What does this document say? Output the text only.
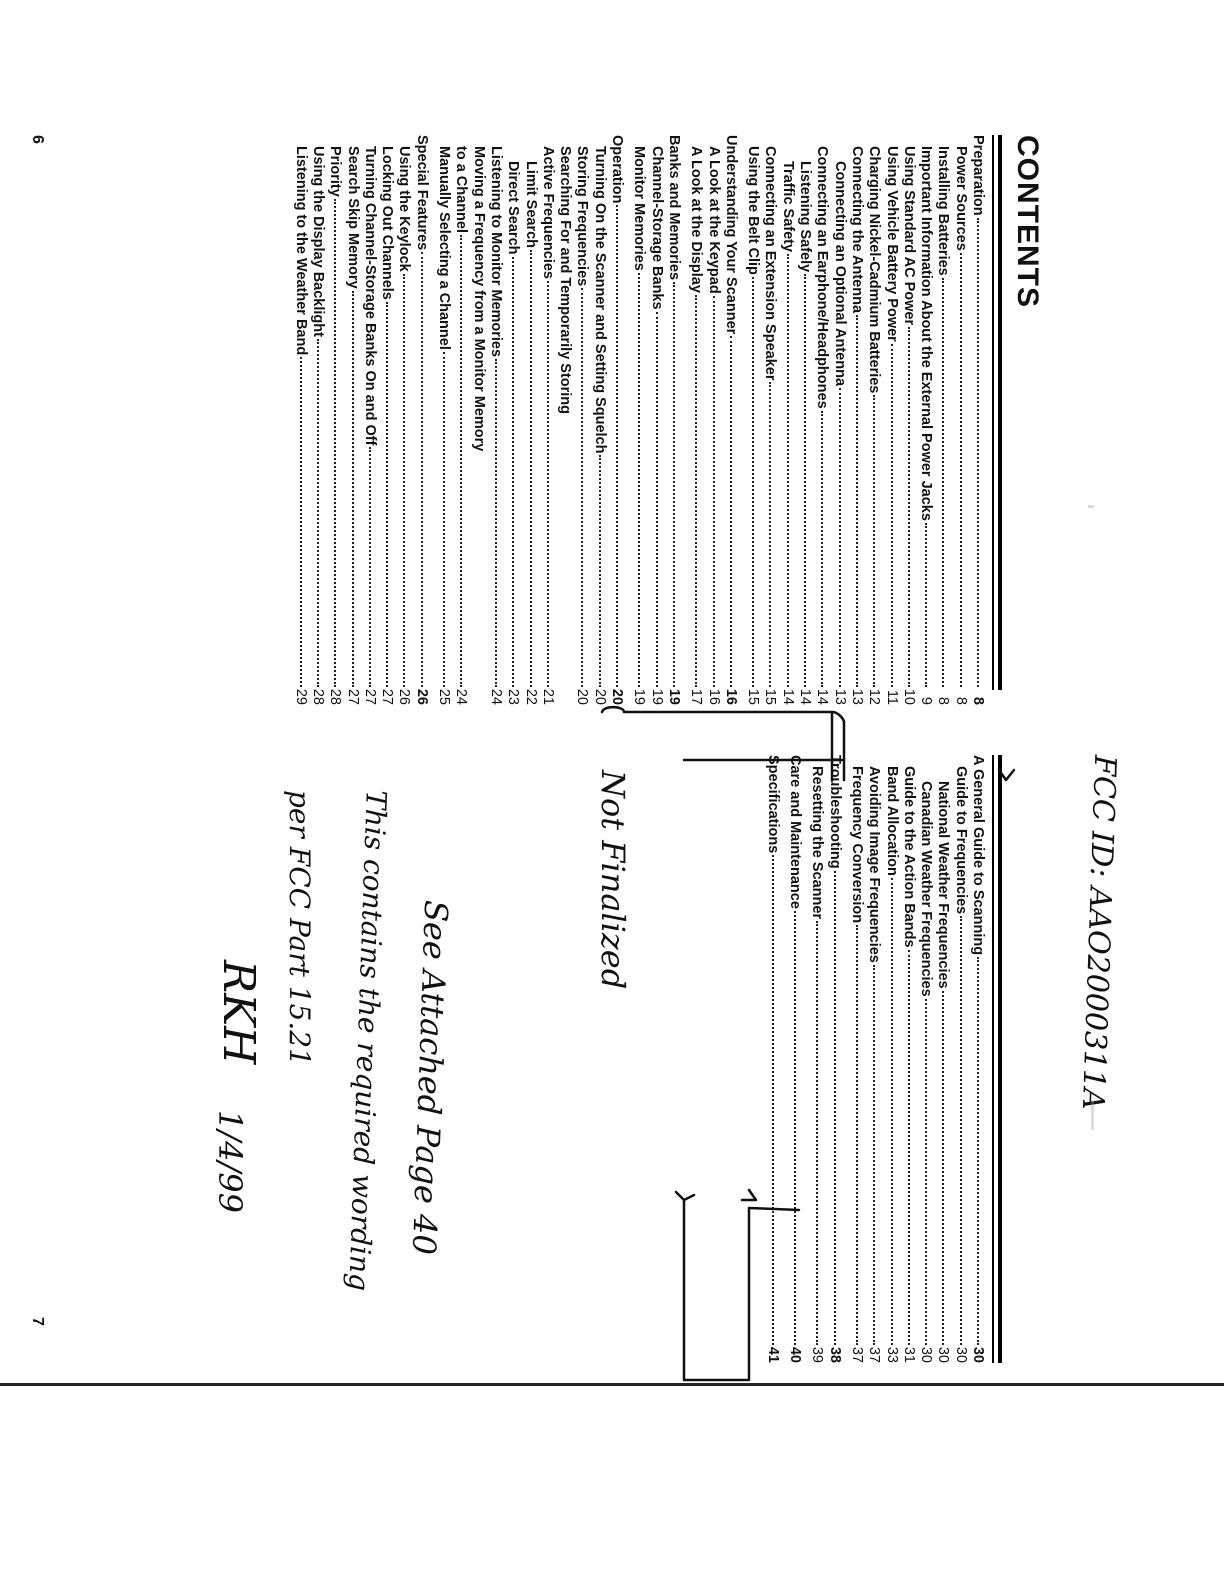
Preparation
8
Power Sources
8
Installing Batteries
8
Important Information About the External Power Jacks
9
Using Standard AC Power
10
Using Vehicle Battery Power
11
Charging Nickel-Cadmium Batteries
12
Connecting the Antenna
13
Connecting an Optional Antenna
13
Connecting an Earphone/Headphones
14
Listening Safely
14
Traffic Safety
14
Connecting an Extension Speaker
15
Using the Belt Clip
15
Understanding Your Scanner
16
A Look at the Keypad
16
A Look at the Display
17
Banks and Memories
19
Channel-Storage Banks
19
Monitor Memories
19
Operation
20
Turning On the Scanner and Setting Squelch
20
Storing Frequencies
20
Searching For and Temporarily Storing
Active Frequencies
21
Limit Search
22
Direct Search
23
Listening to Monitor Memories
24
Moving a Frequency from a Monitor Memory
to a Channel
24
Manually Selecting a Channel
25
Special Features
26
Using the Keylock
26
Locking Out Channels
27
Turning Channel-Storage Banks On and Off
27
Search Skip Memory
27
Priority
28
Using the Display Backlight
28
Listening to the Weather Band
29
A General Guide to Scanning
30
Guide to Frequencies
30
National Weather Frequencies
30
Canadian Weather Frequencies
30
Guide to the Action Bands
31
Band Allocation
33
Avoiding Image Frequencies
37
Frequency Conversion
37
Troubleshooting
38
Resetting the Scanner
39
Care and Maintenance
40
Specifications
41
CONTENTS
6
7
FCC ID: AAO2000311A
Not Finalized
See Attached Page 40
This contains the required wording
per FCC Part 15.21
RKH
1/4/99
